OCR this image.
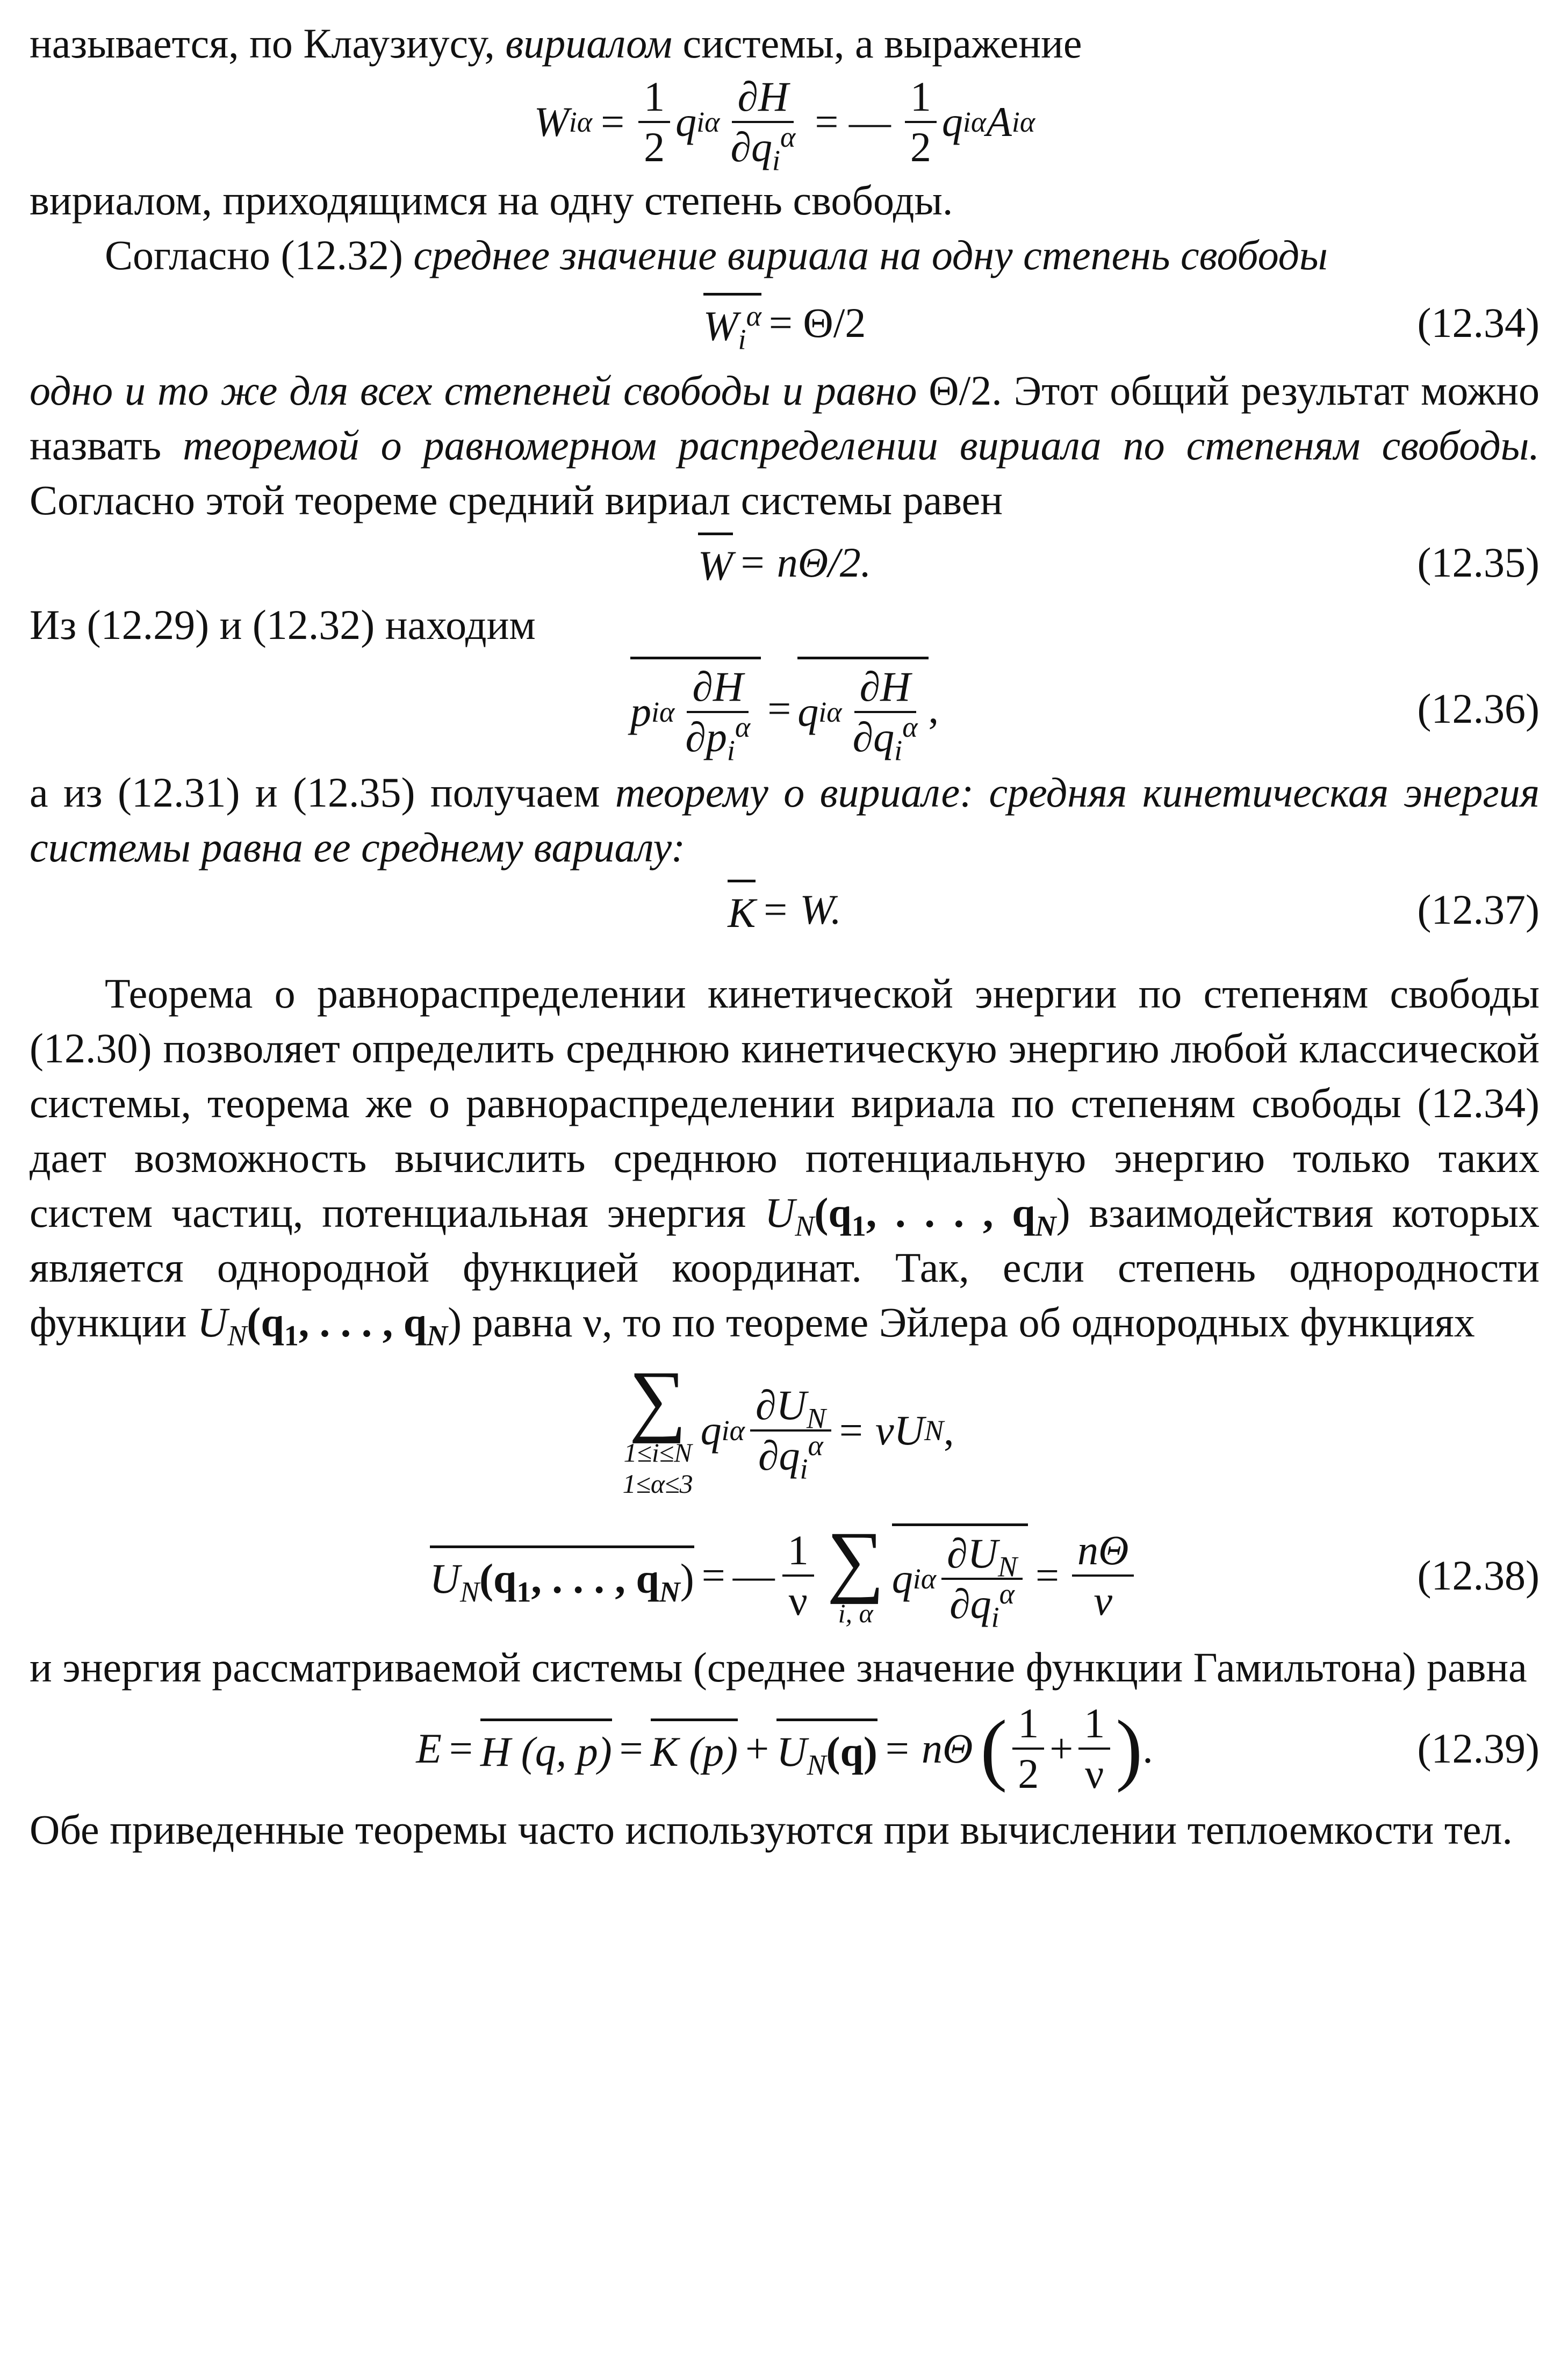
называется, по Клаузиусу, вириалом системы, а выражение

W i $\alpha = \frac{1}{2}$ q i α $\frac{\partial H}{\partial q_i^\alpha}$ = — $\frac{1}{2}$ q i α A i α

вириалом, приходящимся на одну степень свободы.

Согласно (12.32) среднее значение вириала на одну степень свободы

$W_i^\alpha = \Theta/2$	(12.34)

одно и то же для всех степеней свободы и равно Θ/2. Этот общий результат можно назвать теоремой о равномерном распределении вириала по степеням свободы. Согласно этой теореме средний вириал системы равен

W = nΘ/2.	(12.35)

Из (12.29) и (12.32) находим

p i α $\frac{\partial H}{\partial p_i^\alpha} = q$ i α $\frac{\partial H}{\partial q_i^\alpha}$ ,	(12.36)

а из (12.31) и (12.35) получаем теорему о вириале: средняя кинетическая энергия системы равна ее среднему вариалу:

K = W.	(12.37)

Теорема о равнораспределении кинетической энергии по степеням свободы (12.30) позволяет определить среднюю кинетическую энергию любой классической системы, теорема же о равнораспределении вириала по степеням свободы (12.34) дает возможность вычислить среднюю потенциальную энергию только таких систем частиц, потенциальная энергия $U_N(q_1$, . . . , $q_N$) взаимодействия которых является однородной функцией координат. Так, если степень однородности функции $U_N(q_1$, . . . , $q_N$) равна ν, то по теореме Эйлера об однородных функциях

∑
1≤i≤N
1≤α≤3
q i α $\frac{\partial U_N}{\partial q_i^\alpha} = \nu U$ N ,
$U_N(q_1$, . . . , $q_N$) = — $\frac{1}{\nu}$ ∑
i, α
q i α $\frac{\partial U_N}{\partial q_i^\alpha} = \frac{n\Theta}{\nu}$	(12.38)

и энергия рассматриваемой системы (среднее значение функции Гамильтона) равна

E = H (q, p) = K $(p) + U_N(q) = n\Theta$ ( $\frac{1}{2} + \frac{1}{\nu}$ ) .	(12.39)

Обе приведенные теоремы часто используются при вычислении теплоемкости тел.
